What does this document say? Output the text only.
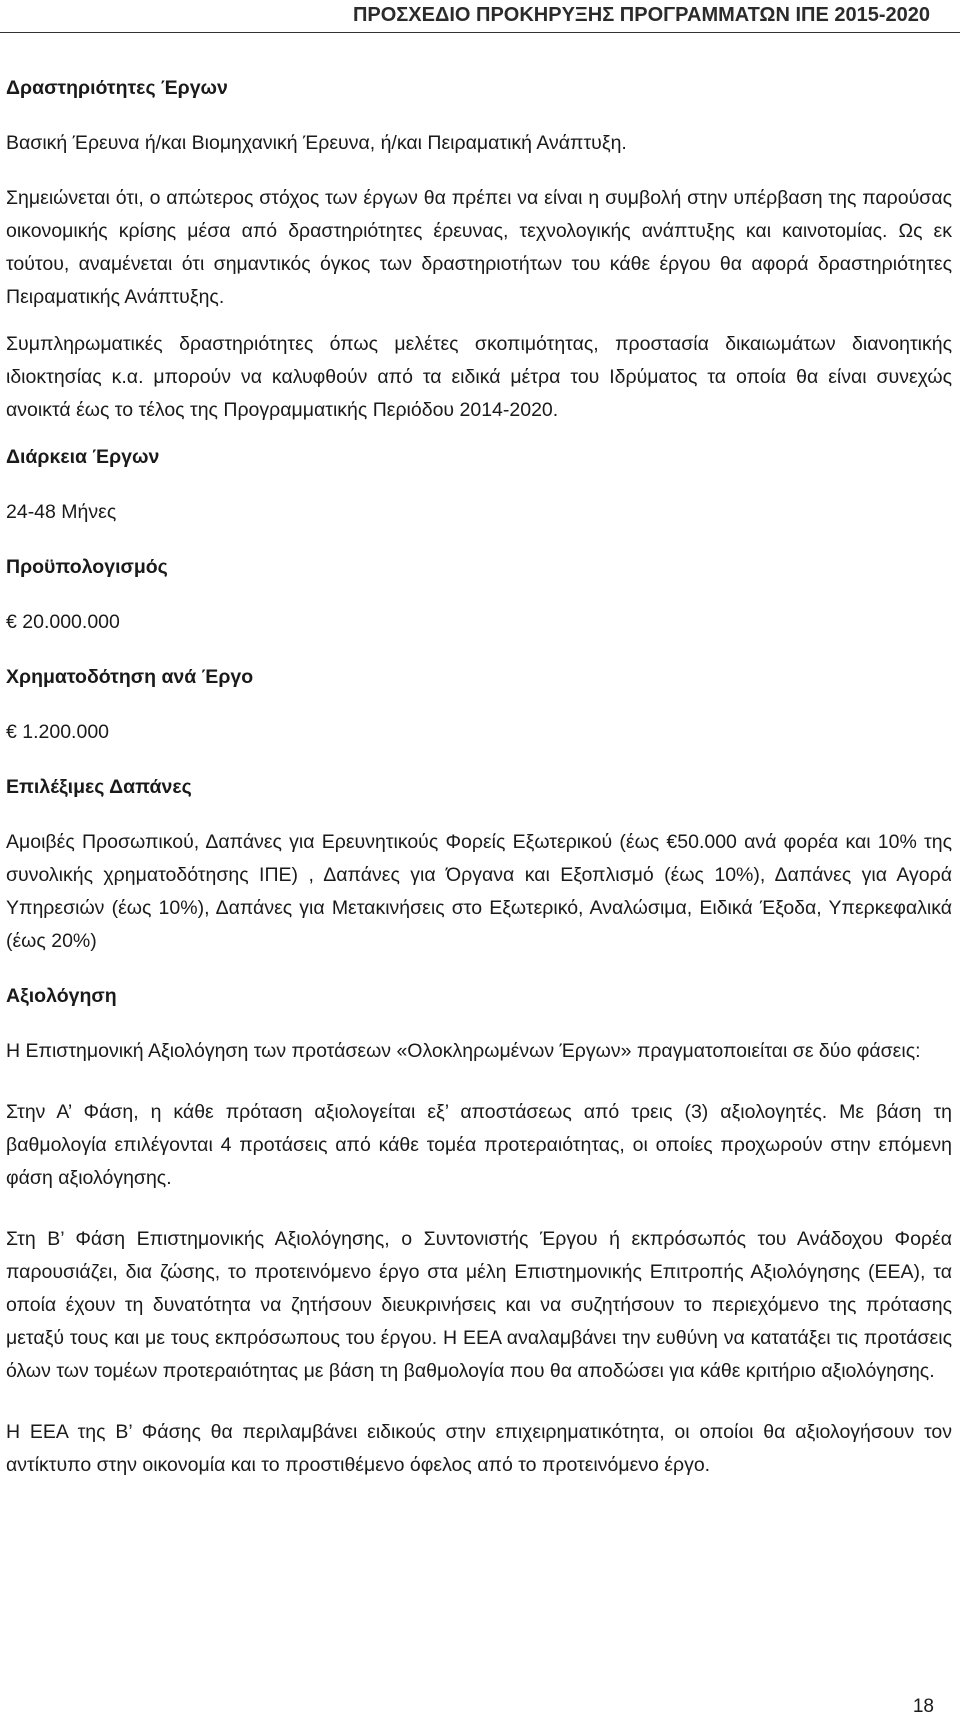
ΠΡΟΣΧΕΔΙΟ ΠΡΟΚΗΡΥΞΗΣ ΠΡΟΓΡΑΜΜΑΤΩΝ ΙΠΕ 2015-2020
Δραστηριότητες Έργων

Βασική Έρευνα ή/και Βιομηχανική Έρευνα, ή/και Πειραματική Ανάπτυξη.

Σημειώνεται ότι, ο απώτερος στόχος των έργων θα πρέπει να είναι η συμβολή στην υπέρβαση της παρούσας οικονομικής κρίσης μέσα από δραστηριότητες έρευνας, τεχνολογικής ανάπτυξης και καινοτομίας. Ως εκ τούτου, αναμένεται ότι σημαντικός όγκος των δραστηριοτήτων του κάθε έργου θα αφορά δραστηριότητες Πειραματικής Ανάπτυξης.

Συμπληρωματικές δραστηριότητες όπως μελέτες σκοπιμότητας, προστασία δικαιωμάτων διανοητικής ιδιοκτησίας κ.α. μπορούν να καλυφθούν από τα ειδικά μέτρα του Ιδρύματος τα οποία θα είναι συνεχώς ανοικτά έως το τέλος της Προγραμματικής Περιόδου 2014-2020.

Διάρκεια Έργων

24-48 Μήνες

Προϋπολογισμός

€ 20.000.000

Χρηματοδότηση ανά Έργο

€ 1.200.000

Επιλέξιμες Δαπάνες

Αμοιβές Προσωπικού, Δαπάνες για Ερευνητικούς Φορείς Εξωτερικού (έως €50.000 ανά φορέα και 10% της συνολικής χρηματοδότησης ΙΠΕ) , Δαπάνες για Όργανα και Εξοπλισμό (έως 10%), Δαπάνες για Αγορά Υπηρεσιών (έως 10%), Δαπάνες για Μετακινήσεις στο Εξωτερικό, Αναλώσιμα, Ειδικά Έξοδα, Υπερκεφαλικά (έως 20%)

Αξιολόγηση

Η Επιστημονική Αξιολόγηση των προτάσεων «Ολοκληρωμένων Έργων» πραγματοποιείται σε δύο φάσεις:

Στην Α’ Φάση, η κάθε πρόταση αξιολογείται εξ’ αποστάσεως από τρεις (3) αξιολογητές. Με βάση τη βαθμολογία επιλέγονται 4 προτάσεις από κάθε τομέα προτεραιότητας, οι οποίες προχωρούν στην επόμενη φάση αξιολόγησης.

Στη Β’ Φάση Επιστημονικής Αξιολόγησης, ο Συντονιστής Έργου ή εκπρόσωπός του Ανάδοχου Φορέα παρουσιάζει, δια ζώσης, το προτεινόμενο έργο στα μέλη Επιστημονικής Επιτροπής Αξιολόγησης (ΕΕΑ), τα οποία έχουν τη δυνατότητα να ζητήσουν διευκρινήσεις και να συζητήσουν το περιεχόμενο της πρότασης μεταξύ τους και με τους εκπρόσωπους του έργου. Η ΕΕΑ αναλαμβάνει την ευθύνη να κατατάξει τις προτάσεις όλων των τομέων προτεραιότητας με βάση τη βαθμολογία που θα αποδώσει για κάθε κριτήριο αξιολόγησης.

Η ΕΕΑ της Β’ Φάσης θα περιλαμβάνει ειδικούς στην επιχειρηματικότητα, οι οποίοι θα αξιολογήσουν τον αντίκτυπο στην οικονομία και το προστιθέμενο όφελος από το προτεινόμενο έργο.

18
